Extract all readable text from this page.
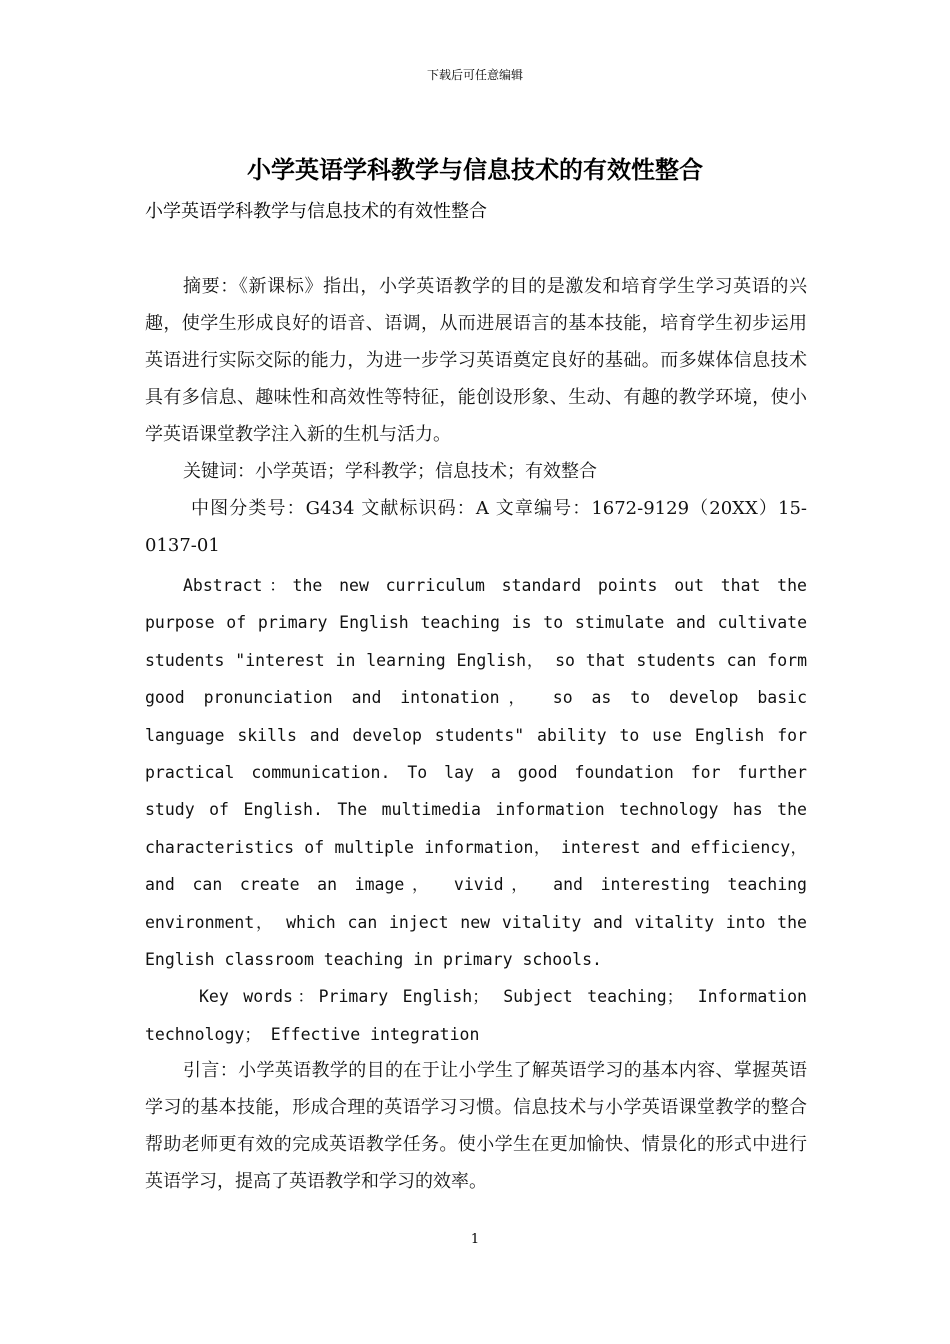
下载后可任意编辑
小学英语学科教学与信息技术的有效性整合
小学英语学科教学与信息技术的有效性整合

摘要：《新课标》指出，小学英语教学的目的是激发和培育学生学习英语的兴趣，使学生形成良好的语音、语调，从而进展语言的基本技能，培育学生初步运用英语进行实际交际的能力，为进一步学习英语奠定良好的基础。而多媒体信息技术具有多信息、趣味性和高效性等特征，能创设形象、生动、有趣的教学环境，使小学英语课堂教学注入新的生机与活力。

关键词：小学英语；学科教学；信息技术；有效整合

中图分类号：G434 文献标识码：A 文章编号：1672-9129（20XX）15-0137-01

Abstract：the new curriculum standard points out that the purpose of primary English teaching is to stimulate and cultivate students "interest in learning English， so that students can form good pronunciation and intonation， so as to develop basic language skills and develop students" ability to use English for practical communication. To lay a good foundation for further study of English. The multimedia information technology has the characteristics of multiple information， interest and efficiency， and can create an image， vivid， and interesting teaching environment， which can inject new vitality and vitality into the English classroom teaching in primary schools.

Key words：Primary English； Subject teaching； Information technology； Effective integration

引言：小学英语教学的目的在于让小学生了解英语学习的基本内容、掌握英语学习的基本技能，形成合理的英语学习习惯。信息技术与小学英语课堂教学的整合帮助老师更有效的完成英语教学任务。使小学生在更加愉快、情景化的形式中进行英语学习，提高了英语教学和学习的效率。

1
